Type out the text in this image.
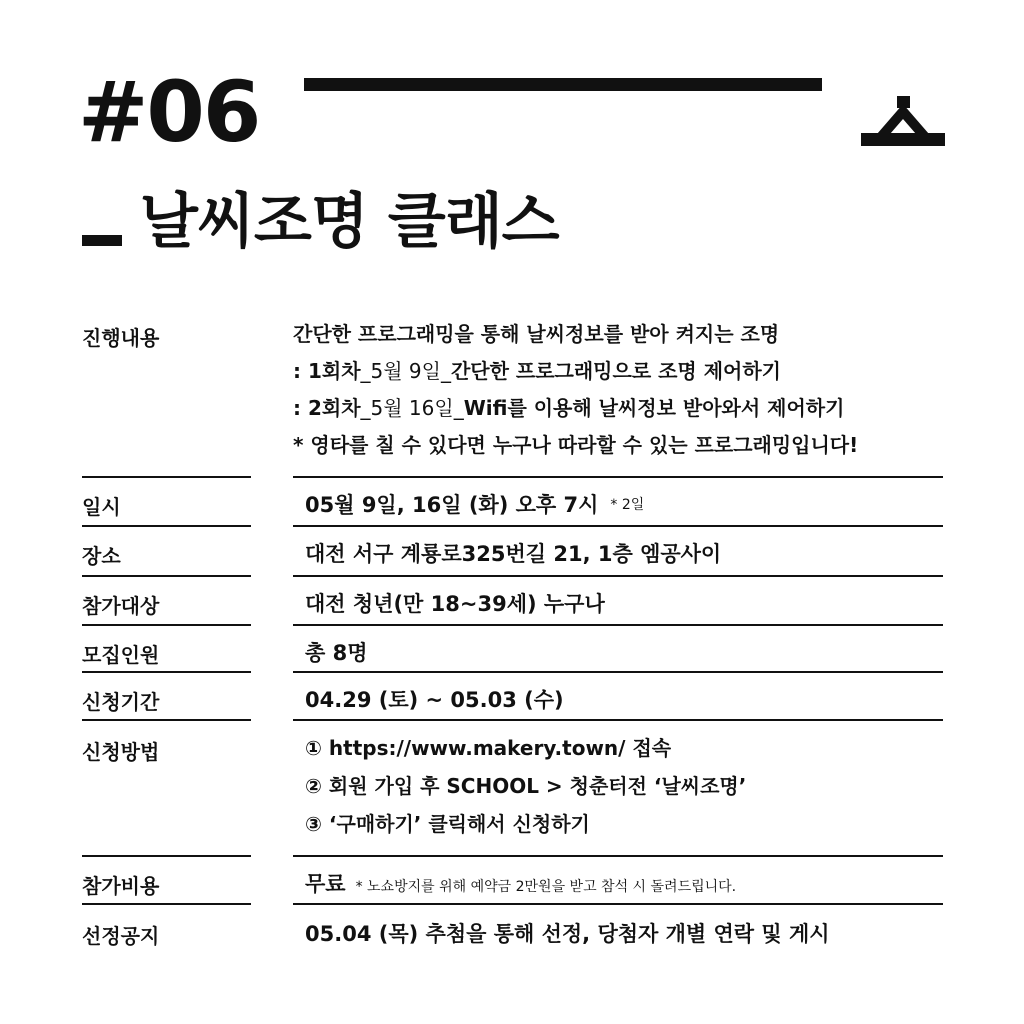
#06
날씨조명 클래스
진행내용	간단한 프로그래밍을 통해 날씨정보를 받아 켜지는 조명
: 1회차_5월 9일_간단한 프로그래밍으로 조명 제어하기
: 2회차_5월 16일_Wifi를 이용해 날씨정보 받아와서 제어하기
* 영타를 칠 수 있다면 누구나 따라할 수 있는 프로그래밍입니다!
일시	05월 9일, 16일 (화) 오후 7시 * 2일
장소	대전 서구 계룡로325번길 21, 1층 엠공사이
참가대상	대전 청년(만 18~39세) 누구나
모집인원	총 8명
신청기간	04.29 (토) ~ 05.03 (수)
신청방법	① https://www.makery.town/ 접속
② 회원 가입 후 SCHOOL > 청춘터전 ‘날씨조명’
③ ‘구매하기’ 클릭해서 신청하기
참가비용	무료 * 노쇼방지를 위해 예약금 2만원을 받고 참석 시 돌려드립니다.
선정공지	05.04 (목) 추첨을 통해 선정, 당첨자 개별 연락 및 게시
